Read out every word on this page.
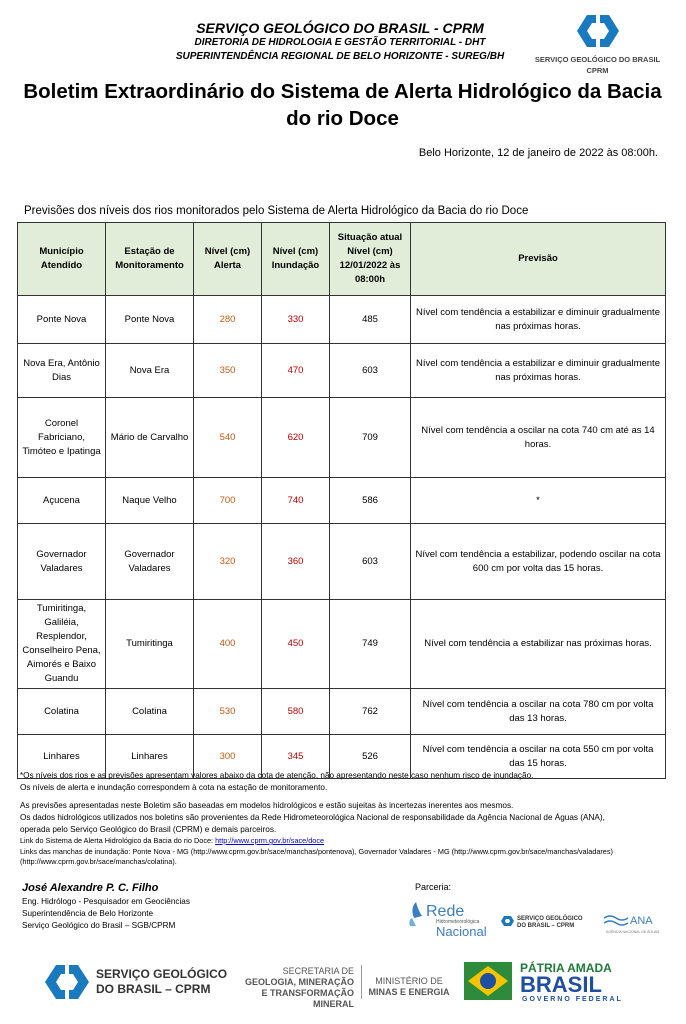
SERVIÇO GEOLÓGICO DO BRASIL - CPRM
DIRETORIA DE HIDROLOGIA E GESTÃO TERRITORIAL - DHT
SUPERINTENDÊNCIA REGIONAL DE BELO HORIZONTE - SUREG/BH	SERVIÇO GEOLÓGICO DO BRASIL
CPRM
Boletim Extraordinário do Sistema de Alerta Hidrológico da Bacia
do rio Doce
Belo Horizonte, 12 de janeiro de 2022 às 08:00h.
Previsões dos níveis dos rios monitorados pelo Sistema de Alerta Hidrológico da Bacia do rio Doce
Município Atendido	Estação de Monitoramento	Nível (cm) Alerta	Nível (cm) Inundação	Situação atual Nível (cm) 12/01/2022 às 08:00h	Previsão
Ponte Nova	Ponte Nova	280	330	485	Nível com tendência a estabilizar e diminuir gradualmente nas próximas horas.
Nova Era, Antônio Dias	Nova Era	350	470	603	Nível com tendência a estabilizar e diminuir gradualmente nas próximas horas.
Coronel Fabriciano, Timóteo e Ipatinga	Mário de Carvalho	540	620	709	Nível com tendência a oscilar na cota 740 cm até as 14 horas.
Açucena	Naque Velho	700	740	586	*
Governador Valadares	Governador Valadares	320	360	603	Nível com tendência a estabilizar, podendo oscilar na cota 600 cm por volta das 15 horas.
Tumiritinga, Galiléia, Resplendor, Conselheiro Pena, Aimorés e Baixo Guandu	Tumiritinga	400	450	749	Nível com tendência a estabilizar nas próximas horas.
Colatina	Colatina	530	580	762	Nível com tendência a oscilar na cota 780 cm por volta das 13 horas.
Linhares	Linhares	300	345	526	Nível com tendência a oscilar na cota 550 cm por volta das 15 horas.
*Os níveis dos rios e as previsões apresentam valores abaixo da cota de atenção, não apresentando neste caso nenhum risco de inundação.
Os níveis de alerta e inundação correspondem à cota na estação de monitoramento.
As previsões apresentadas neste Boletim são baseadas em modelos hidrológicos e estão sujeitas às incertezas inerentes aos mesmos.
Os dados hidrológicos utilizados nos boletins são provenientes da Rede Hidrometeorológica Nacional de responsabilidade da Agência Nacional de Águas (ANA),
operada pelo Serviço Geológico do Brasil (CPRM) e demais parceiros.
Link do Sistema de Alerta Hidrológico da Bacia do rio Doce: http://www.cprm.gov.br/sace/doce
Links das manchas de inundação: Ponte Nova - MG (http://www.cprm.gov.br/sace/manchas/pontenova), Governador Valadares - MG (http://www.cprm.gov.br/sace/manchas/valadares)
(http://www.cprm.gov.br/sace/manchas/colatina).
José Alexandre P. C. Filho
Eng. Hidrólogo - Pesquisador em Geociências
Superintendência de Belo Horizonte
Serviço Geológico do Brasil – SGB/CPRM
Parceria:
Rede
Hidrometeorológica
Nacional
SERVIÇO GEOLÓGICO
DO BRASIL – CPRM	ANA
AGÊNCIA NACIONAL DE ÁGUAS
SERVIÇO GEOLÓGICO
DO BRASIL – CPRM
SECRETARIA DE
GEOLOGIA, MINERAÇÃO
E TRANSFORMAÇÃO MINERAL
MINISTÉRIO DE
MINAS E ENERGIA
PÁTRIA AMADA
BRASIL
GOVERNO FEDERAL
